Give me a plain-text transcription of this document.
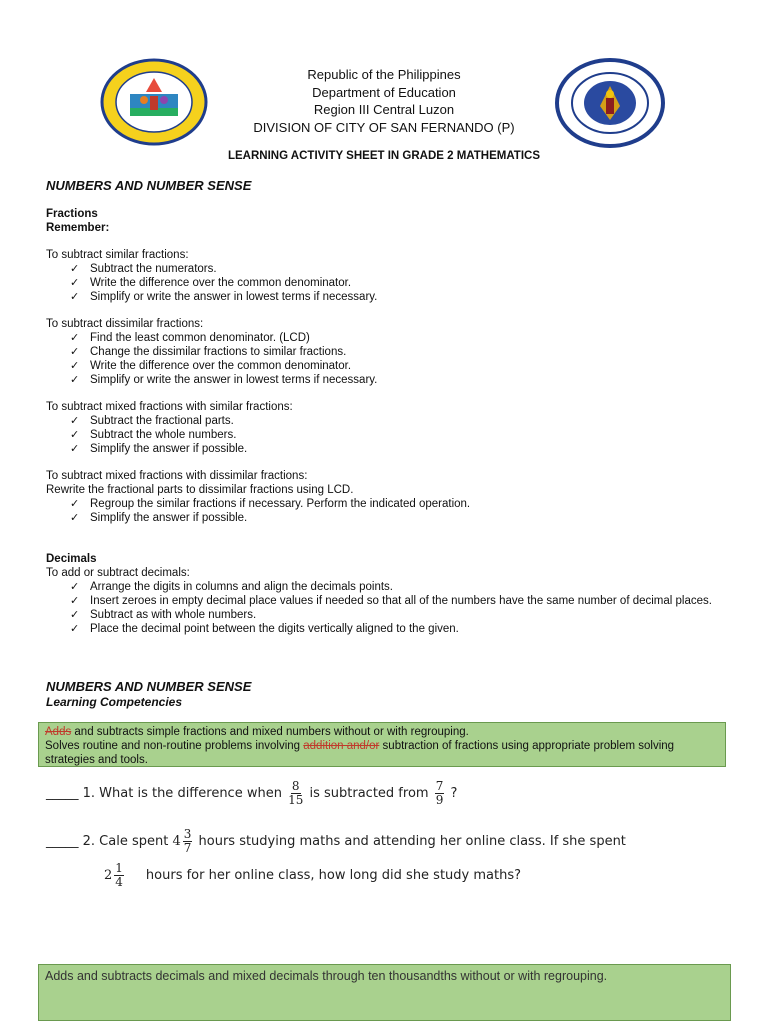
Republic of the Philippines
Department of Education
Region III Central Luzon
DIVISION OF CITY OF SAN FERNANDO (P)
LEARNING ACTIVITY SHEET IN GRADE 2 MATHEMATICS
NUMBERS AND NUMBER SENSE
Fractions
Remember:
To subtract similar fractions:
✓ Subtract the numerators.
✓ Write the difference over the common denominator.
✓ Simplify or write the answer in lowest terms if necessary.
To subtract dissimilar fractions:
✓ Find the least common denominator. (LCD)
✓ Change the dissimilar fractions to similar fractions.
✓ Write the difference over the common denominator.
✓ Simplify or write the answer in lowest terms if necessary.
To subtract mixed fractions with similar fractions:
✓ Subtract the fractional parts.
✓ Subtract the whole numbers.
✓ Simplify the answer if possible.
To subtract mixed fractions with dissimilar fractions:
Rewrite the fractional parts to dissimilar fractions using LCD.
✓ Regroup the similar fractions if necessary. Perform the indicated operation.
✓ Simplify the answer if possible.
Decimals
To add or subtract decimals:
✓ Arrange the digits in columns and align the decimals points.
✓ Insert zeroes in empty decimal place values if needed so that all of the numbers have the same number of decimal places.
✓ Subtract as with whole numbers.
✓ Place the decimal point between the digits vertically aligned to the given.
NUMBERS AND NUMBER SENSE
Learning Competencies
Adds and subtracts simple fractions and mixed numbers without or with regrouping.
Solves routine and non-routine problems involving addition and/or subtraction of fractions using appropriate problem solving strategies and tools.
_____ 1. What is the difference when $\frac{8}{15}$ is subtracted from $\frac{7}{9}$ ?
_____ 2. Cale spent $4 \frac{3}{7}$ hours studying maths and attending her online class. If she spent
$2 \frac{1}{4}$ hours for her online class, how long did she study maths?
Adds and subtracts decimals and mixed decimals through ten thousandths without or with regrouping.
